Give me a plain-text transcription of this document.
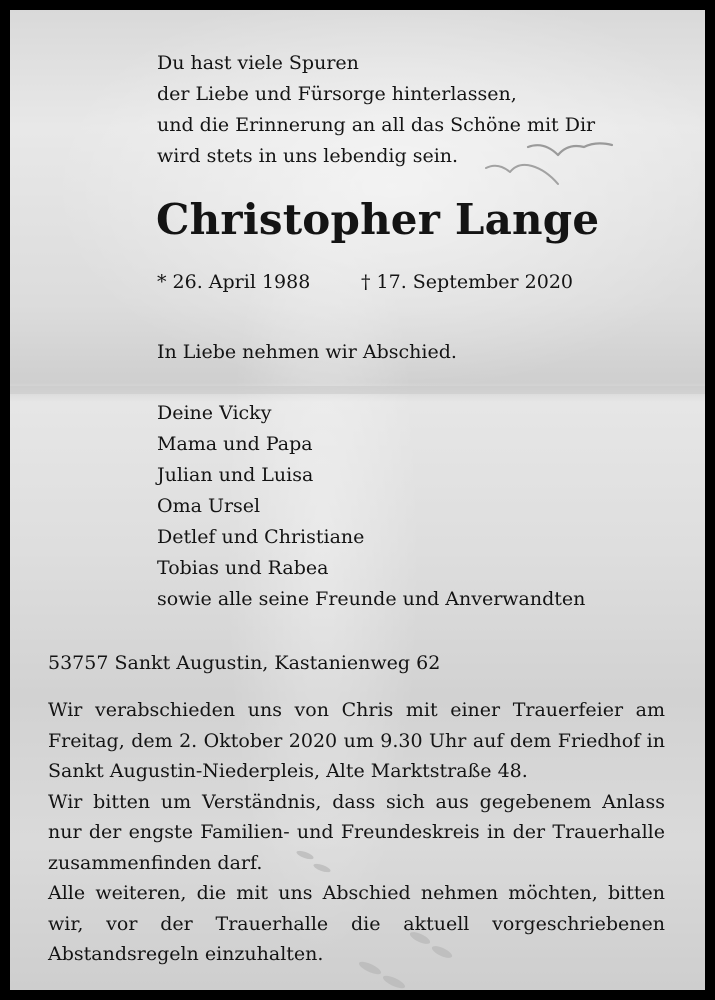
Du hast viele Spuren
der Liebe und Fürsorge hinterlassen,
und die Erinnerung an all das Schöne mit Dir
wird stets in uns lebendig sein.
Christopher Lange
* 26. April 1988	† 17. September 2020
In Liebe nehmen wir Abschied.
Deine Vicky
Mama und Papa
Julian und Luisa
Oma Ursel
Detlef und Christiane
Tobias und Rabea
sowie alle seine Freunde und Anverwandten
53757 Sankt Augustin, Kastanienweg 62

Wir verabschieden uns von Chris mit einer Trauerfeier am Freitag, dem 2. Oktober 2020 um 9.30 Uhr auf dem Friedhof in Sankt Augustin-Niederpleis, Alte Marktstraße 48.

Wir bitten um Verständnis, dass sich aus gegebenem Anlass nur der engste Familien- und Freundeskreis in der Trauerhalle zusammenfinden darf.

Alle weiteren, die mit uns Abschied nehmen möchten, bitten wir, vor der Trauerhalle die aktuell vorgeschriebenen Abstandsregeln einzuhalten.
